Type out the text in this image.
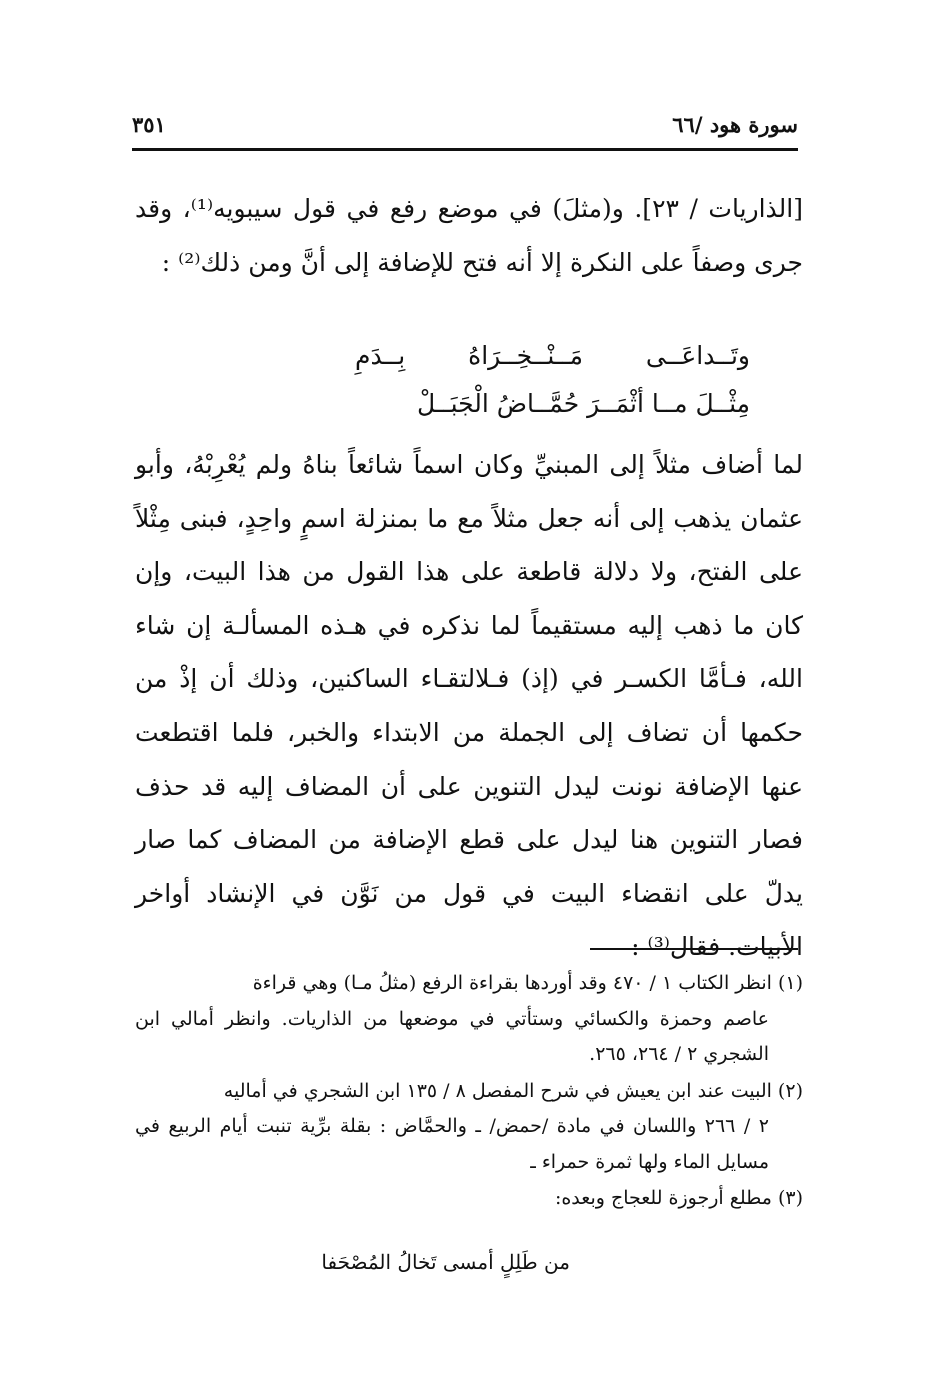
سورة هود /٦٦
٣٥١

[الذاريات / ٢٣]. و(مثلَ) في موضع رفع في قول سيبويه⁽¹⁾، وقد جرى وصفاً على النكرة إلا أنه فتح للإضافة إلى أنَّ ومن ذلك⁽²⁾ :

وتَــداعَــى
مَــنْــخِــرَاهُ
بِــدَمِ
مِثْــلَ مــا أثْمَــرَ حُمَّــاضُ الْجَبَــلْ

لما أضاف مثلاً إلى المبنيِّ وكان اسماً شائعاً بناهُ ولم يُعْرِبْهُ، وأبو عثمان يذهب إلى أنه جعل مثلاً مع ما بمنزلة اسمٍ واحِدٍ، فبنى مِثْلاً على الفتح، ولا دلالة قاطعة على هذا القول من هذا البيت، وإن كان ما ذهب إليه مستقيماً لما نذكره في هـذه المسألـة إن شاء الله، فـأمَّا الكسـر في (إذ) فـلالتقـاء الساكنين، وذلك أن إذْ من حكمها أن تضاف إلى الجملة من الابتداء والخبر، فلما اقتطعت عنها الإضافة نونت ليدل التنوين على أن المضاف إليه قد حذف فصار التنوين هنا ليدل على قطع الإضافة من المضاف كما صار يدلّ على انقضاء البيت في قول من نَوَّن في الإنشاد أواخر الأبيات. فقال⁽³⁾ :

(١) انظر الكتاب ١ / ٤٧٠ وقد أوردها بقراءة الرفع (مثلُ مـا) وهي قراءة
عاصم وحمزة والكسائي وستأتي في موضعها من الذاريات. وانظر أمالي ابن الشجري ٢ / ٢٦٤، ٢٦٥.
(٢) البيت عند ابن يعيش في شرح المفصل ٨ / ١٣٥ ابن الشجري في أماليه
٢ / ٢٦٦ واللسان في مادة /حمض/ ـ والحمَّاض : بقلة برِّية تنبت أيام الربيع في مسايل الماء ولها ثمرة حمراء ـ
(٣) مطلع أرجوزة للعجاج وبعده:
من طَلِلٍ أمسى تَخالُ المُصْحَفا
